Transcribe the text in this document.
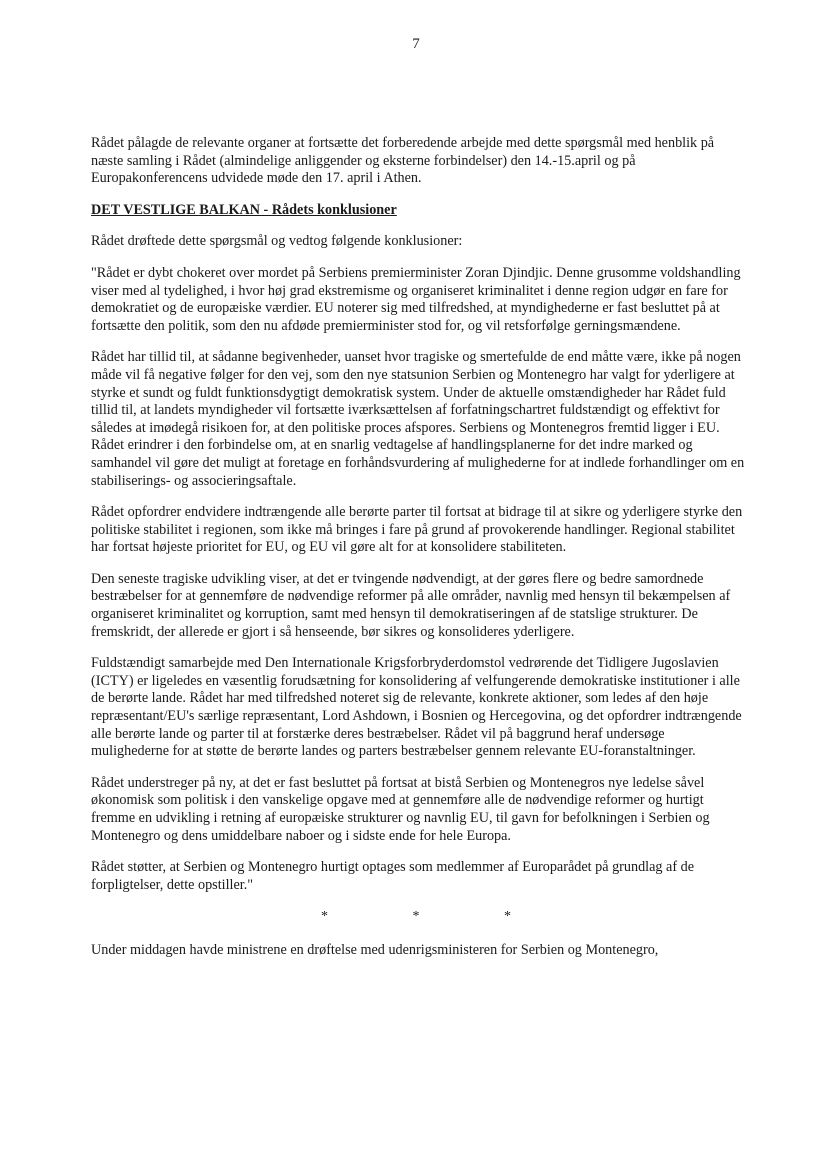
7

Rådet pålagde de relevante organer at fortsætte det forberedende arbejde med dette spørgsmål med henblik på næste samling i Rådet (almindelige anliggender og eksterne forbindelser) den 14.-15.april og på Europakonferencens udvidede møde den 17. april i Athen.

DET VESTLIGE BALKAN - Rådets konklusioner

Rådet drøftede dette spørgsmål og vedtog følgende konklusioner:

"Rådet er dybt chokeret over mordet på Serbiens premierminister Zoran Djindjic. Denne grusomme voldshandling viser med al tydelighed, i hvor høj grad ekstremisme og organiseret kriminalitet i denne region udgør en fare for demokratiet og de europæiske værdier. EU noterer sig med tilfredshed, at myndighederne er fast besluttet på at fortsætte den politik, som den nu afdøde premierminister stod for, og vil retsforfølge gerningsmændene.

Rådet har tillid til, at sådanne begivenheder, uanset hvor tragiske og smertefulde de end måtte være, ikke på nogen måde vil få negative følger for den vej, som den nye statsunion Serbien og Montenegro har valgt for yderligere at styrke et sundt og fuldt funktionsdygtigt demokratisk system. Under de aktuelle omstændigheder har Rådet fuld tillid til, at landets myndigheder vil fortsætte iværksættelsen af forfatningschartret fuldstændigt og effektivt for således at imødegå risikoen for, at den politiske proces afspores. Serbiens og Montenegros fremtid ligger i EU. Rådet erindrer i den forbindelse om, at en snarlig vedtagelse af handlingsplanerne for det indre marked og samhandel vil gøre det muligt at foretage en forhåndsvurdering af mulighederne for at indlede forhandlinger om en stabiliserings- og associeringsaftale.

Rådet opfordrer endvidere indtrængende alle berørte parter til fortsat at bidrage til at sikre og yderligere styrke den politiske stabilitet i regionen, som ikke må bringes i fare på grund af provokerende handlinger. Regional stabilitet har fortsat højeste prioritet for EU, og EU vil gøre alt for at konsolidere stabiliteten.

Den seneste tragiske udvikling viser, at det er tvingende nødvendigt, at der gøres flere og bedre samordnede bestræbelser for at gennemføre de nødvendige reformer på alle områder, navnlig med hensyn til bekæmpelsen af organiseret kriminalitet og korruption, samt med hensyn til demokratiseringen af de statslige strukturer. De fremskridt, der allerede er gjort i så henseende, bør sikres og konsolideres yderligere.

Fuldstændigt samarbejde med Den Internationale Krigsforbryderdomstol vedrørende det Tidligere Jugoslavien (ICTY) er ligeledes en væsentlig forudsætning for konsolidering af velfungerende demokratiske institutioner i alle de berørte lande. Rådet har med tilfredshed noteret sig de relevante, konkrete aktioner, som ledes af den høje repræsentant/EU's særlige repræsentant, Lord Ashdown, i Bosnien og Hercegovina, og det opfordrer indtrængende alle berørte lande og parter til at forstærke deres bestræbelser. Rådet vil på baggrund heraf undersøge mulighederne for at støtte de berørte landes og parters bestræbelser gennem relevante EU-foranstaltninger.

Rådet understreger på ny, at det er fast besluttet på fortsat at bistå Serbien og Montenegros nye ledelse såvel økonomisk som politisk i den vanskelige opgave med at gennemføre alle de nødvendige reformer og hurtigt fremme en udvikling i retning af europæiske strukturer og navnlig EU, til gavn for befolkningen i Serbien og Montenegro og dens umiddelbare naboer og i sidste ende for hele Europa.

Rådet støtter, at Serbien og Montenegro hurtigt optages som medlemmer af Europarådet på grundlag af de forpligtelser, dette opstiller."

*	*	*

Under middagen havde ministrene en drøftelse med udenrigsministeren for Serbien og Montenegro,
